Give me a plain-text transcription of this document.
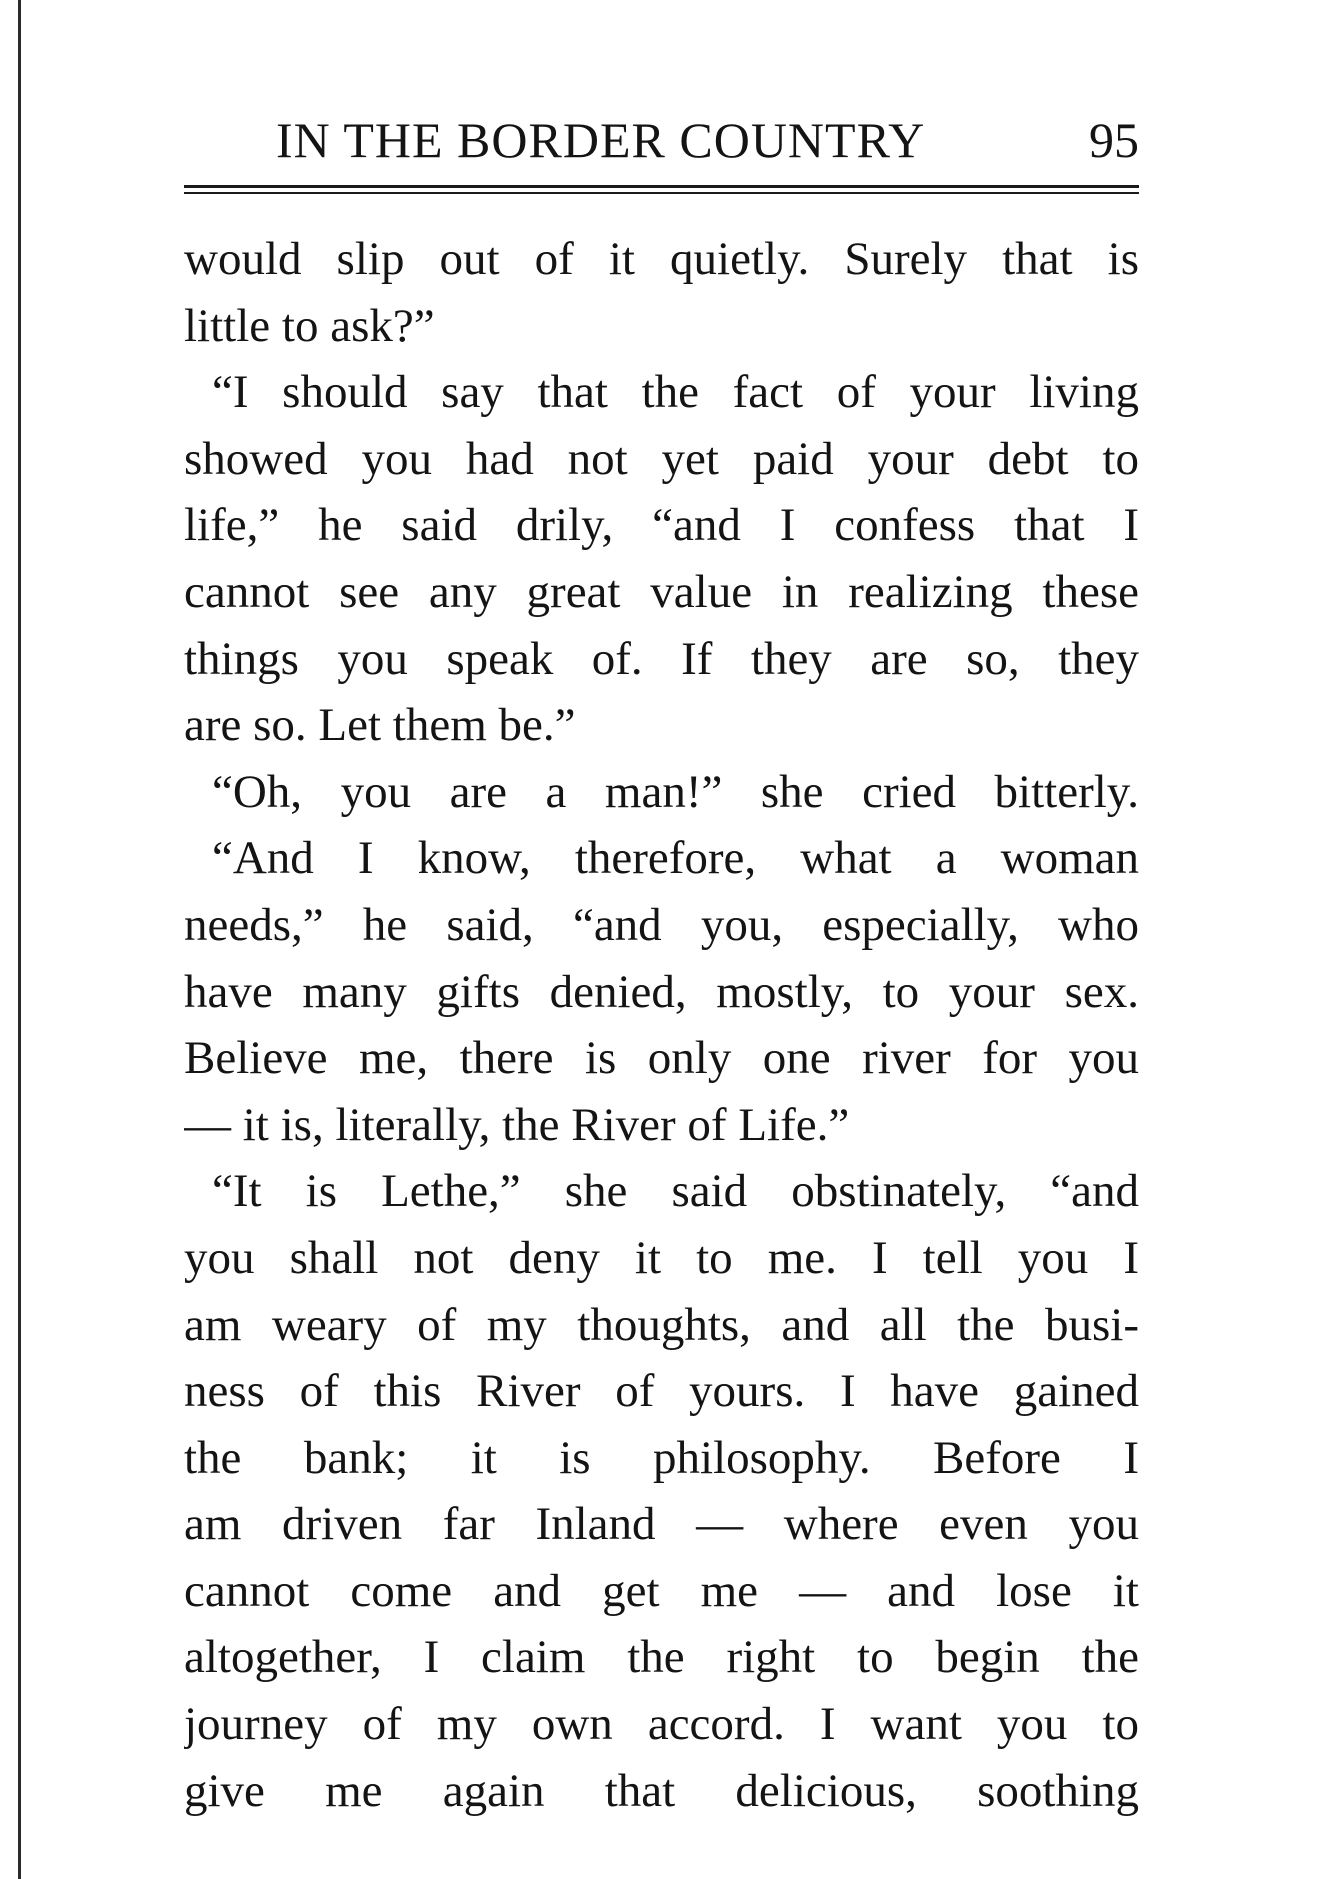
IN THE BORDER COUNTRY	95
would slip out of it quietly. Surely that is
little to ask?”
“I should say that the fact of your living
showed you had not yet paid your debt to
life,” he said drily, “and I confess that I
cannot see any great value in realizing these
things you speak of. If they are so, they
are so. Let them be.”
“Oh, you are a man!” she cried bitterly.
“And I know, therefore, what a woman
needs,” he said, “and you, especially, who
have many gifts denied, mostly, to your sex.
Believe me, there is only one river for you
— it is, literally, the River of Life.”
“It is Lethe,” she said obstinately, “and
you shall not deny it to me. I tell you I
am weary of my thoughts, and all the busi-
ness of this River of yours. I have gained
the bank; it is philosophy. Before I
am driven far Inland — where even you
cannot come and get me — and lose it
altogether, I claim the right to begin the
journey of my own accord. I want you to
give me again that delicious, soothing
